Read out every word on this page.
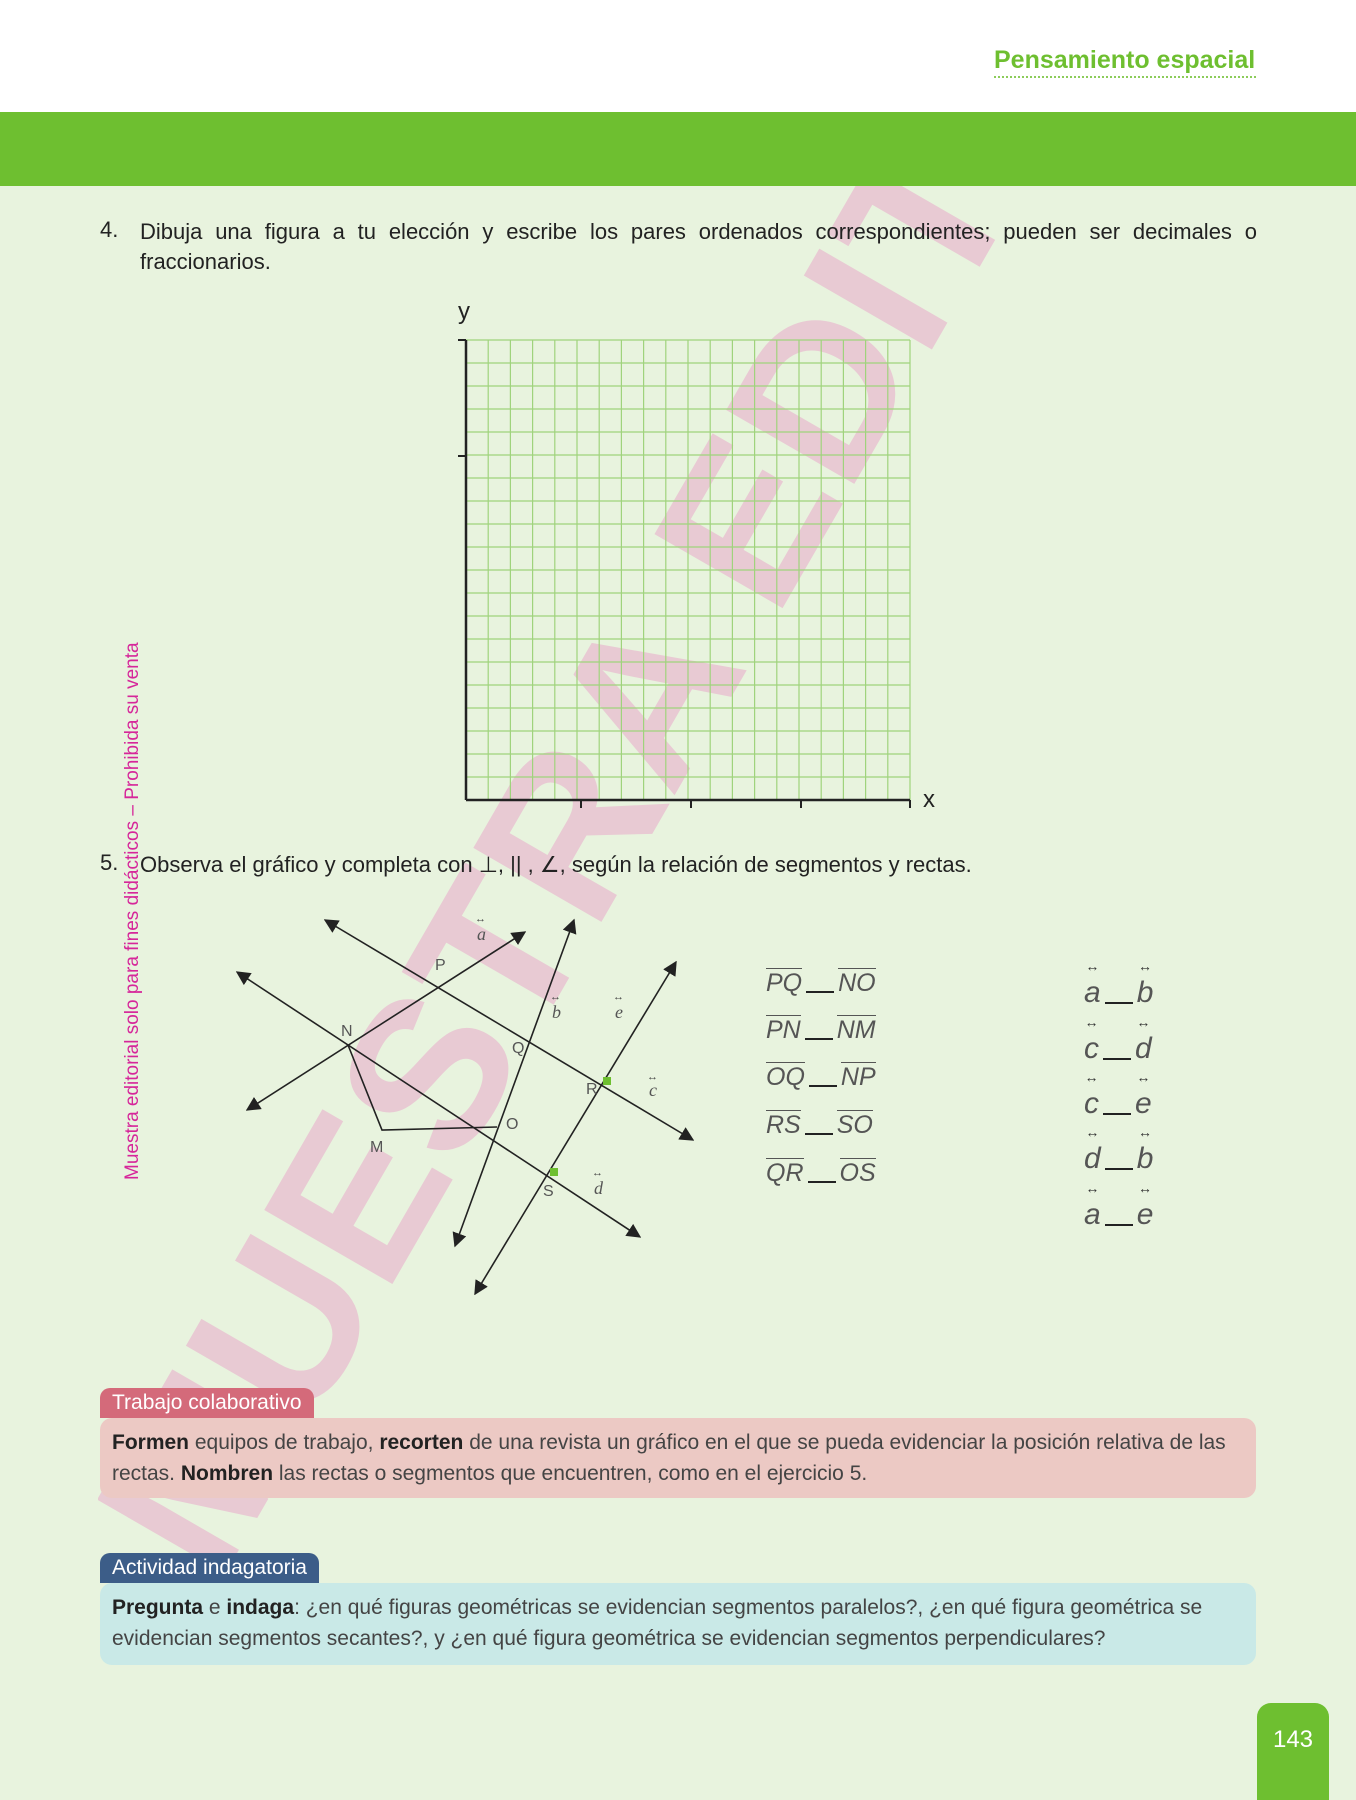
Pensamiento espacial
Muestra editorial solo para fines didácticos – Prohibida su venta
4. Dibuja una figura a tu elección y escribe los pares ordenados correspondientes; pueden ser decimales o fraccionarios.
y
x
5. Observa el gráfico y completa con ⊥, || , ∠, según la relación de segmentos y rectas.
P
N
Q
R
O
M
S
a
b	e
c
d
↔
↔	↔
↔
↔
PQ NO
PN NM
OQ NP
RS SO
QR OS
↔ a ↔ b
↔ c ↔ d
↔ c ↔ e
↔ d ↔ b
↔ a ↔ e
Trabajo colaborativo
Formen equipos de trabajo, recorten de una revista un gráfico en el que se pueda evidenciar la posición relativa de las rectas. Nombren las rectas o segmentos que encuentren, como en el ejercicio 5.
Actividad indagatoria
Pregunta e indaga: ¿en qué figuras geométricas se evidencian segmentos paralelos?, ¿en qué figura geométrica se evidencian segmentos secantes?, y ¿en qué figura geométrica se evidencian segmentos perpendiculares?
143
